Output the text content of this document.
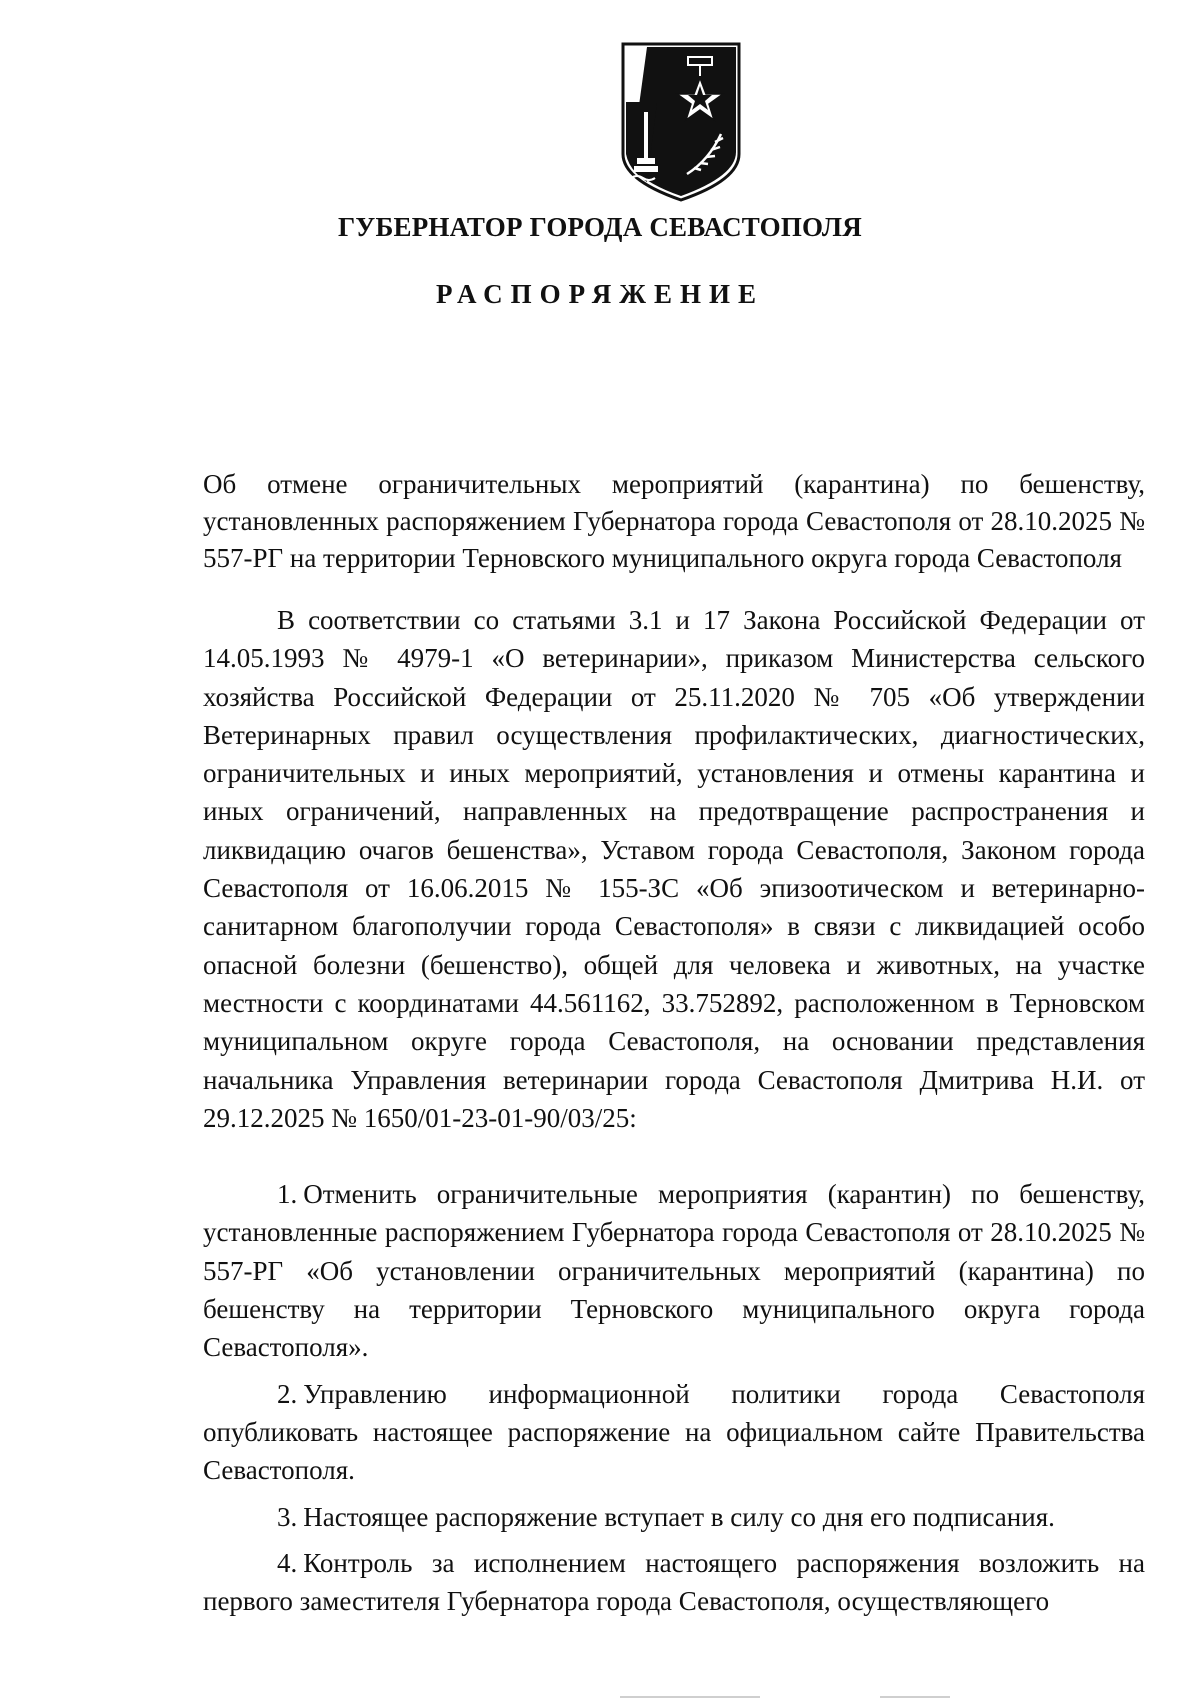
ГУБЕРНАТОР ГОРОДА СЕВАСТОПОЛЯ
РАСПОРЯЖЕНИЕ
Об отмене ограничительных мероприятий (карантина) по бешенству, установленных распоряжением Губернатора города Севастополя от 28.10.2025 № 557-РГ на территории Терновского муниципального округа города Севастополя

В соответствии со статьями 3.1 и 17 Закона Российской Федерации от 14.05.1993 № 4979-1 «О ветеринарии», приказом Министерства сельского хозяйства Российской Федерации от 25.11.2020 № 705 «Об утверждении Ветеринарных правил осуществления профилактических, диагностических, ограничительных и иных мероприятий, установления и отмены карантина и иных ограничений, направленных на предотвращение распространения и ликвидацию очагов бешенства», Уставом города Севастополя, Законом города Севастополя от 16.06.2015 № 155-ЗС «Об эпизоотическом и ветеринарно-санитарном благополучии города Севастополя» в связи с ликвидацией особо опасной болезни (бешенство), общей для человека и животных, на участке местности с координатами 44.561162, 33.752892, расположенном в Терновском муниципальном округе города Севастополя, на основании представления начальника Управления ветеринарии города Севастополя Дмитрива Н.И. от 29.12.2025 № 1650/01-23-01-90/03/25:

1. Отменить ограничительные мероприятия (карантин) по бешенству, установленные распоряжением Губернатора города Севастополя от 28.10.2025 № 557-РГ «Об установлении ограничительных мероприятий (карантина) по бешенству на территории Терновского муниципального округа города Севастополя».

2. Управлению информационной политики города Севастополя опубликовать настоящее распоряжение на официальном сайте Правительства Севастополя.

3. Настоящее распоряжение вступает в силу со дня его подписания.

4. Контроль за исполнением настоящего распоряжения возложить на первого заместителя Губернатора города Севастополя, осуществляющего
